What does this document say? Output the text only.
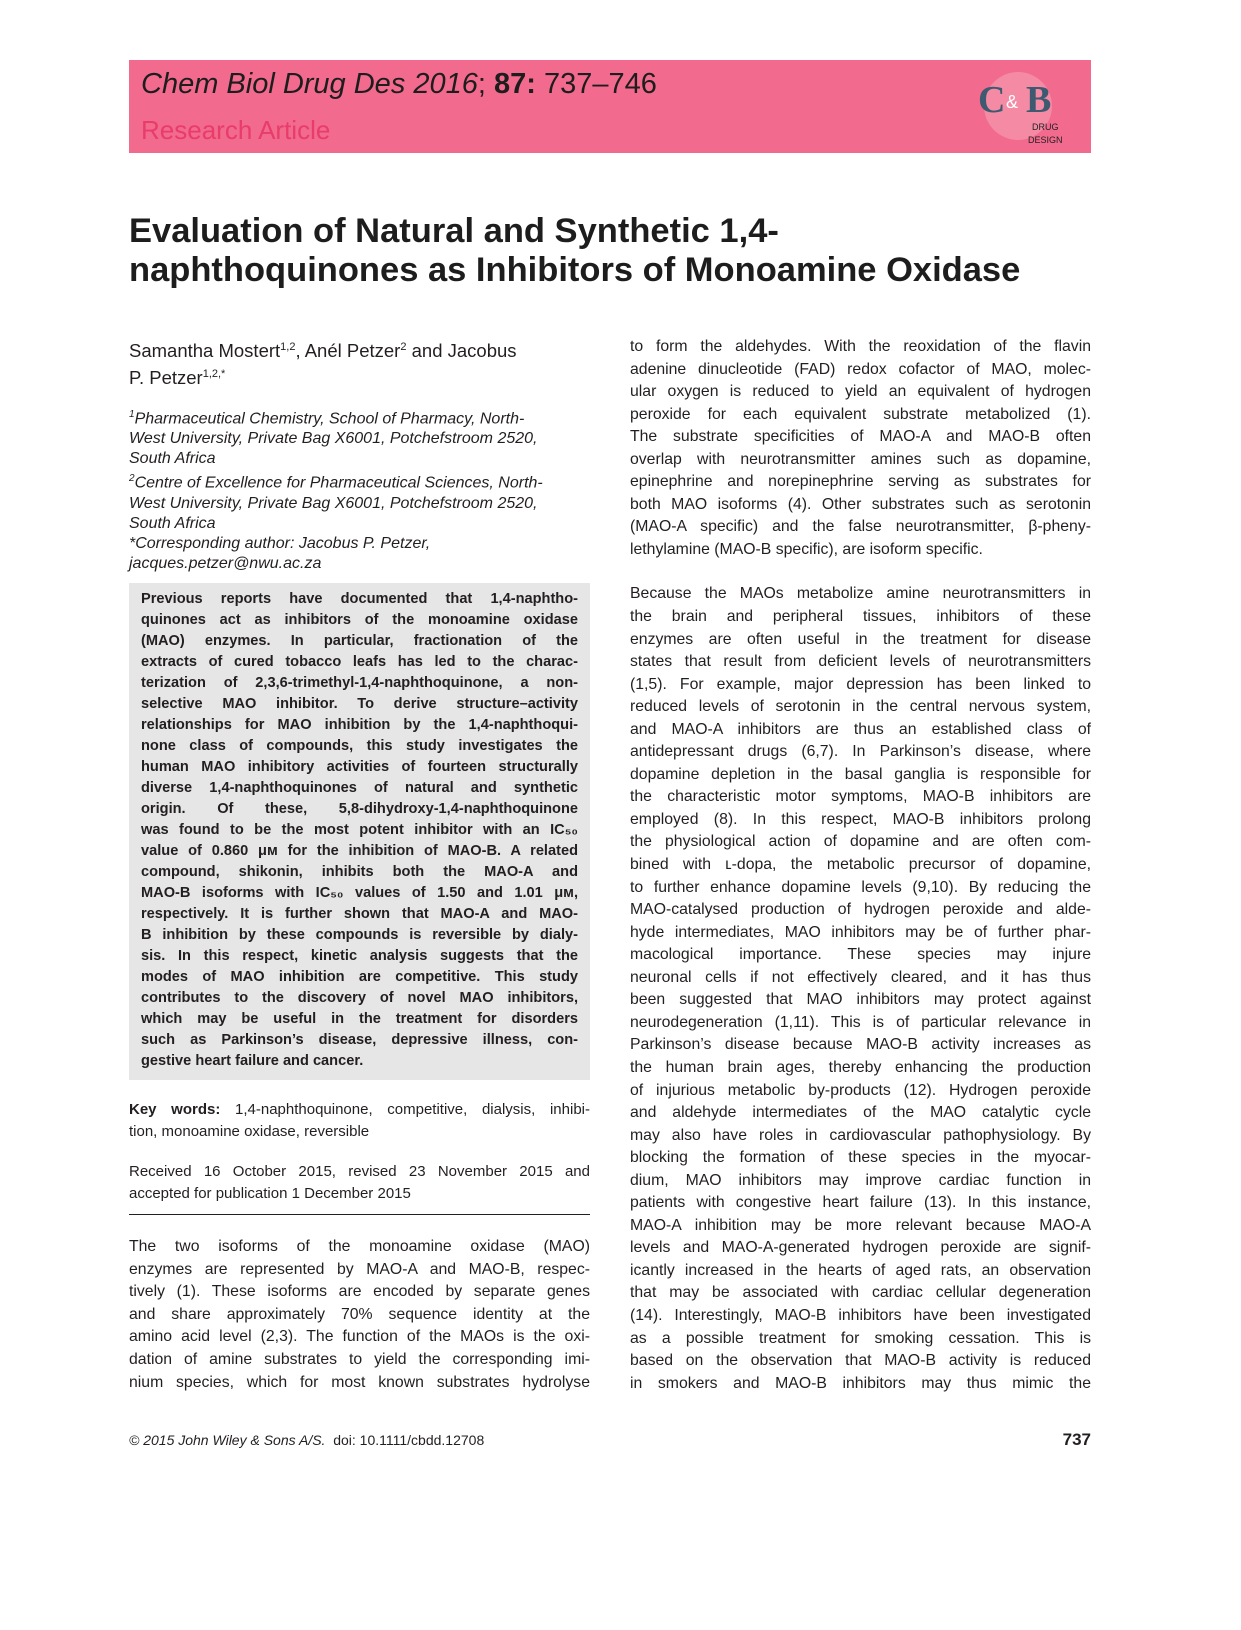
Chem Biol Drug Des 2016; 87: 737–746
Research Article
C & B
DRUG
DESIGN
Evaluation of Natural and Synthetic 1,4-
naphthoquinones as Inhibitors of Monoamine Oxidase
Samantha Mostert$^{1,2}$, Anél Petzer$^2$ and Jacobus
P. Petzer$^{1,2,*}$
$^1$Pharmaceutical Chemistry, School of Pharmacy, North-
West University, Private Bag X6001, Potchefstroom 2520,
South Africa
$^2$Centre of Excellence for Pharmaceutical Sciences, North-
West University, Private Bag X6001, Potchefstroom 2520,
South Africa
*Corresponding author: Jacobus P. Petzer,
jacques.petzer@nwu.ac.za
Previous reports have documented that 1,4-naphtho-
quinones act as inhibitors of the monoamine oxidase
(MAO) enzymes. In particular, fractionation of the
extracts of cured tobacco leafs has led to the charac-
terization of 2,3,6-trimethyl-1,4-naphthoquinone, a non-
selective MAO inhibitor. To derive structure–activity
relationships for MAO inhibition by the 1,4-naphthoqui-
none class of compounds, this study investigates the
human MAO inhibitory activities of fourteen structurally
diverse 1,4-naphthoquinones of natural and synthetic
origin. Of these, 5,8-dihydroxy-1,4-naphthoquinone
was found to be the most potent inhibitor with an IC₅₀
value of 0.860 μᴍ for the inhibition of MAO-B. A related
compound, shikonin, inhibits both the MAO-A and
MAO-B isoforms with IC₅₀ values of 1.50 and 1.01 μᴍ,
respectively. It is further shown that MAO-A and MAO-
B inhibition by these compounds is reversible by dialy-
sis. In this respect, kinetic analysis suggests that the
modes of MAO inhibition are competitive. This study
contributes to the discovery of novel MAO inhibitors,
which may be useful in the treatment for disorders
such as Parkinson’s disease, depressive illness, con-
gestive heart failure and cancer.
Key words: 1,4-naphthoquinone, competitive, dialysis, inhibi-
tion, monoamine oxidase, reversible
Received 16 October 2015, revised 23 November 2015 and
accepted for publication 1 December 2015
The two isoforms of the monoamine oxidase (MAO)
enzymes are represented by MAO-A and MAO-B, respec-
tively (1). These isoforms are encoded by separate genes
and share approximately 70% sequence identity at the
amino acid level (2,3). The function of the MAOs is the oxi-
dation of amine substrates to yield the corresponding imi-
nium species, which for most known substrates hydrolyse
to form the aldehydes. With the reoxidation of the flavin
adenine dinucleotide (FAD) redox cofactor of MAO, molec-
ular oxygen is reduced to yield an equivalent of hydrogen
peroxide for each equivalent substrate metabolized (1).
The substrate specificities of MAO-A and MAO-B often
overlap with neurotransmitter amines such as dopamine,
epinephrine and norepinephrine serving as substrates for
both MAO isoforms (4). Other substrates such as serotonin
(MAO-A specific) and the false neurotransmitter, β-pheny-
lethylamine (MAO-B specific), are isoform specific.
Because the MAOs metabolize amine neurotransmitters in
the brain and peripheral tissues, inhibitors of these
enzymes are often useful in the treatment for disease
states that result from deficient levels of neurotransmitters
(1,5). For example, major depression has been linked to
reduced levels of serotonin in the central nervous system,
and MAO-A inhibitors are thus an established class of
antidepressant drugs (6,7). In Parkinson’s disease, where
dopamine depletion in the basal ganglia is responsible for
the characteristic motor symptoms, MAO-B inhibitors are
employed (8). In this respect, MAO-B inhibitors prolong
the physiological action of dopamine and are often com-
bined with ʟ-dopa, the metabolic precursor of dopamine,
to further enhance dopamine levels (9,10). By reducing the
MAO-catalysed production of hydrogen peroxide and alde-
hyde intermediates, MAO inhibitors may be of further phar-
macological importance. These species may injure
neuronal cells if not effectively cleared, and it has thus
been suggested that MAO inhibitors may protect against
neurodegeneration (1,11). This is of particular relevance in
Parkinson’s disease because MAO-B activity increases as
the human brain ages, thereby enhancing the production
of injurious metabolic by-products (12). Hydrogen peroxide
and aldehyde intermediates of the MAO catalytic cycle
may also have roles in cardiovascular pathophysiology. By
blocking the formation of these species in the myocar-
dium, MAO inhibitors may improve cardiac function in
patients with congestive heart failure (13). In this instance,
MAO-A inhibition may be more relevant because MAO-A
levels and MAO-A-generated hydrogen peroxide are signif-
icantly increased in the hearts of aged rats, an observation
that may be associated with cardiac cellular degeneration
(14). Interestingly, MAO-B inhibitors have been investigated
as a possible treatment for smoking cessation. This is
based on the observation that MAO-B activity is reduced
in smokers and MAO-B inhibitors may thus mimic the
© 2015 John Wiley & Sons A/S.  doi: 10.1111/cbdd.12708	737
